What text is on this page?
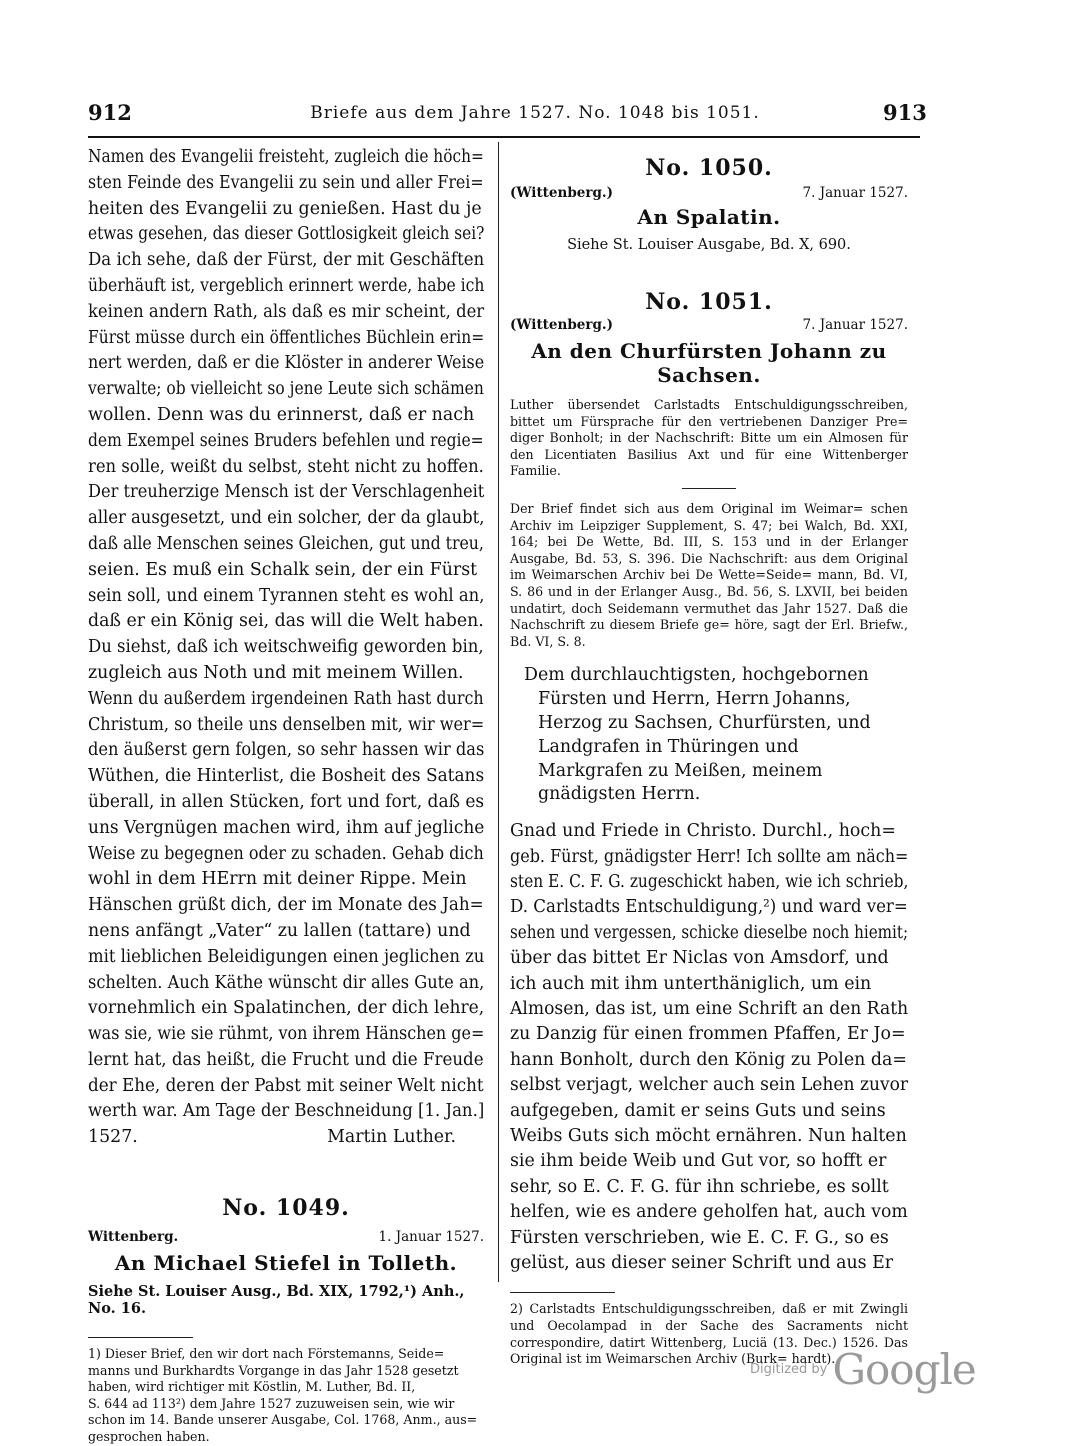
912	Briefe aus dem Jahre 1527. No. 1048 bis 1051.	913
Namen des Evangelii freisteht, zugleich die höch=
sten Feinde des Evangelii zu sein und aller Frei=
heiten des Evangelii zu genießen. Hast du je
etwas gesehen, das dieser Gottlosigkeit gleich sei?
Da ich sehe, daß der Fürst, der mit Geschäften
überhäuft ist, vergeblich erinnert werde, habe ich
keinen andern Rath, als daß es mir scheint, der
Fürst müsse durch ein öffentliches Büchlein erin=
nert werden, daß er die Klöster in anderer Weise
verwalte; ob vielleicht so jene Leute sich schämen
wollen. Denn was du erinnerst, daß er nach
dem Exempel seines Bruders befehlen und regie=
ren solle, weißt du selbst, steht nicht zu hoffen.
Der treuherzige Mensch ist der Verschlagenheit
aller ausgesetzt, und ein solcher, der da glaubt,
daß alle Menschen seines Gleichen, gut und treu,
seien. Es muß ein Schalk sein, der ein Fürst
sein soll, und einem Tyrannen steht es wohl an,
daß er ein König sei, das will die Welt haben.
Du siehst, daß ich weitschweifig geworden bin,
zugleich aus Noth und mit meinem Willen.
Wenn du außerdem irgendeinen Rath hast durch
Christum, so theile uns denselben mit, wir wer=
den äußerst gern folgen, so sehr hassen wir das
Wüthen, die Hinterlist, die Bosheit des Satans
überall, in allen Stücken, fort und fort, daß es
uns Vergnügen machen wird, ihm auf jegliche
Weise zu begegnen oder zu schaden. Gehab dich
wohl in dem HErrn mit deiner Rippe. Mein
Hänschen grüßt dich, der im Monate des Jah=
nens anfängt „Vater“ zu lallen (tattare) und
mit lieblichen Beleidigungen einen jeglichen zu
schelten. Auch Käthe wünscht dir alles Gute an,
vornehmlich ein Spalatinchen, der dich lehre,
was sie, wie sie rühmt, von ihrem Hänschen ge=
lernt hat, das heißt, die Frucht und die Freude
der Ehe, deren der Pabst mit seiner Welt nicht
werth war. Am Tage der Beschneidung [1. Jan.]
1527.	Martin Luther.
No. 1049.
Wittenberg.	1. Januar 1527.
An Michael Stiefel in Tolleth.
Siehe St. Louiser Ausg., Bd. XIX, 1792,¹) Anh., No. 16.
1) Dieser Brief, den wir dort nach Förstemanns, Seide=
manns und Burkhardts Vorgange in das Jahr 1528 gesetzt
haben, wird richtiger mit Köstlin, M. Luther, Bd. II,
S. 644 ad 113²) dem Jahre 1527 zuzuweisen sein, wie wir
schon im 14. Bande unserer Ausgabe, Col. 1768, Anm., aus=
gesprochen haben.
No. 1050.
(Wittenberg.)	7. Januar 1527.
An Spalatin.
Siehe St. Louiser Ausgabe, Bd. X, 690.
No. 1051.
(Wittenberg.)	7. Januar 1527.
An den Churfürsten Johann zu Sachsen.

Luther übersendet Carlstadts Entschuldigungsschreiben, bittet um Fürsprache für den vertriebenen Danziger Pre= diger Bonholt; in der Nachschrift: Bitte um ein Almosen für den Licentiaten Basilius Axt und für eine Wittenberger Familie.

Der Brief findet sich aus dem Original im Weimar= schen Archiv im Leipziger Supplement, S. 47; bei Walch, Bd. XXI, 164; bei De Wette, Bd. III, S. 153 und in der Erlanger Ausgabe, Bd. 53, S. 396. Die Nachschrift: aus dem Original im Weimarschen Archiv bei De Wette=Seide= mann, Bd. VI, S. 86 und in der Erlanger Ausg., Bd. 56, S. LXVII, bei beiden undatirt, doch Seidemann vermuthet das Jahr 1527. Daß die Nachschrift zu diesem Briefe ge= höre, sagt der Erl. Briefw., Bd. VI, S. 8.

Dem durchlauchtigsten, hochgebornen Fürsten und Herrn, Herrn Johanns, Herzog zu Sachsen, Churfürsten, und Landgrafen in Thüringen und Markgrafen zu Meißen, meinem gnädigsten Herrn.

Gnad und Friede in Christo. Durchl., hoch=
geb. Fürst, gnädigster Herr! Ich sollte am näch=
sten E. C. F. G. zugeschickt haben, wie ich schrieb,
D. Carlstadts Entschuldigung,²) und ward ver=
sehen und vergessen, schicke dieselbe noch hiemit;
über das bittet Er Niclas von Amsdorf, und
ich auch mit ihm unterthäniglich, um ein
Almosen, das ist, um eine Schrift an den Rath
zu Danzig für einen frommen Pfaffen, Er Jo=
hann Bonholt, durch den König zu Polen da=
selbst verjagt, welcher auch sein Lehen zuvor
aufgegeben, damit er seins Guts und seins
Weibs Guts sich möcht ernähren. Nun halten
sie ihm beide Weib und Gut vor, so hofft er
sehr, so E. C. F. G. für ihn schriebe, es sollt
helfen, wie es andere geholfen hat, auch vom
Fürsten verschrieben, wie E. C. F. G., so es
gelüst, aus dieser seiner Schrift und aus Er

2) Carlstadts Entschuldigungsschreiben, daß er mit Zwingli und Oecolampad in der Sache des Sacraments nicht correspondire, datirt Wittenberg, Luciä (13. Dec.) 1526. Das Original ist im Weimarschen Archiv (Burk= hardt).

Digitized by Google
